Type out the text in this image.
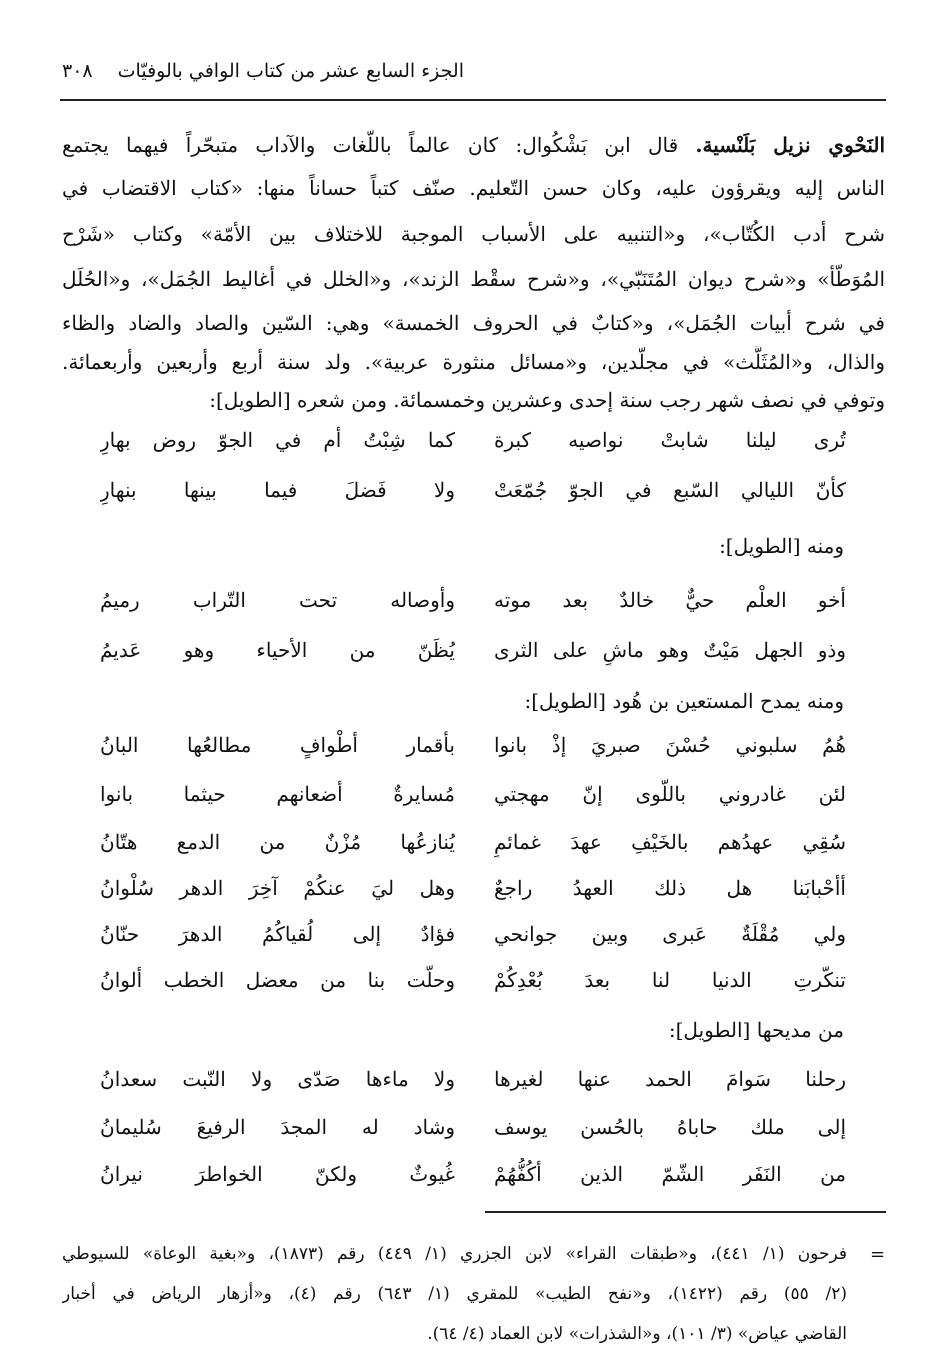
٣٠٨ الجزء السابع عشر من كتاب الوافي بالوفيّات
النَحْوي نزيل بَلَنْسية. قال ابن بَشْكُوال: كان عالماً باللّغات والآداب متبحّراً فيهما يجتمع
الناس إليه ويقرؤون عليه، وكان حسن التّعليم. صنّف كتباً حساناً منها: «كتاب الاقتضاب في
شرح أدب الكُتّاب»، و«التنبيه على الأسباب الموجبة للاختلاف بين الأمّة» وكتاب «شَرْح
المُوَطّأ» و«شرح ديوان المُتَنَبّي»، و«شرح سقْط الزند»، و«الخلل في أغاليط الجُمَل»، و«الحُلَل
في شرح أبيات الجُمَل»، و«كتابٌ في الحروف الخمسة» وهي: السّين والصاد والضاد والظاء
والذال، و«المُثَلَّث» في مجلّدين، و«مسائل منثورة عربية». ولد سنة أربع وأربعين وأربعمائة.
وتوفي في نصف شهر رجب سنة إحدى وعشرين وخمسمائة. ومن شعره [الطويل]:
تُرى ليلنا شابتْ نواصيه كبرة
كما شِبْتُ أم في الجوّ روض بهارِ
كأنّ الليالي السّبع في الجوّ جُمّعَتْ
ولا فَضلَ فيما بينها بنهارِ
ومنه [الطويل]:
أخو العلْم حيٌّ خالدٌ بعد موته
وأوصاله تحت التّراب رميمُ
وذو الجهل مَيْتٌ وهو ماشٍ على الثرى
يُظَنّ من الأحياء وهو عَديمُ
ومنه يمدح المستعين بن هُود [الطويل]:
هُمُ سلبوني حُسْنَ صبريَ إذْ بانوا
بأقمار أطْوافٍ مطالعُها البانُ
لئن غادروني باللّوى إنّ مهجتي
مُسايرةٌ أضعانهم حيثما بانوا
سُقِي عهدُهم بالخَيْفِ عهدَ غمائمٍ
يُنازعُها مُزْنٌ من الدمع هتّانُ
أأحْبابَنا هل ذلك العهدُ راجعٌ
وهل ليَ عنكُمْ آخِرَ الدهر سُلْوانُ
ولي مُقْلَةٌ عَبرى وبين جوانحي
فؤادٌ إلى لُقياكُمُ الدهرَ حنّانُ
تنكّرتِ الدنيا لنا بعدَ بُعْدِكُمْ
وحلّت بنا من معضل الخطب ألوانُ
من مديحها [الطويل]:
رحلنا سَوامَ الحمد عنها لغيرها
ولا ماءها صَدّى ولا النّبت سعدانُ
إلى ملك حاباهُ بالحُسن يوسف
وشاد له المجدَ الرفيعَ سُليمانُ
من النَفَر الشّمّ الذين أكُفُّهُمْ
غُيوثٌ ولكنّ الخواطرَ نيرانُ
=
فرحون (١/ ٤٤١)، و«طبقات القراء» لابن الجزري (١/ ٤٤٩) رقم (١٨٧٣)، و«بغية الوعاة» للسيوطي
(٢/ ٥٥) رقم (١٤٢٢)، و«نفح الطيب» للمقري (١/ ٦٤٣) رقم (٤)، و«أزهار الرياض في أخبار
القاضي عياض» (٣/ ١٠١)، و«الشذرات» لابن العماد (٤/ ٦٤).
